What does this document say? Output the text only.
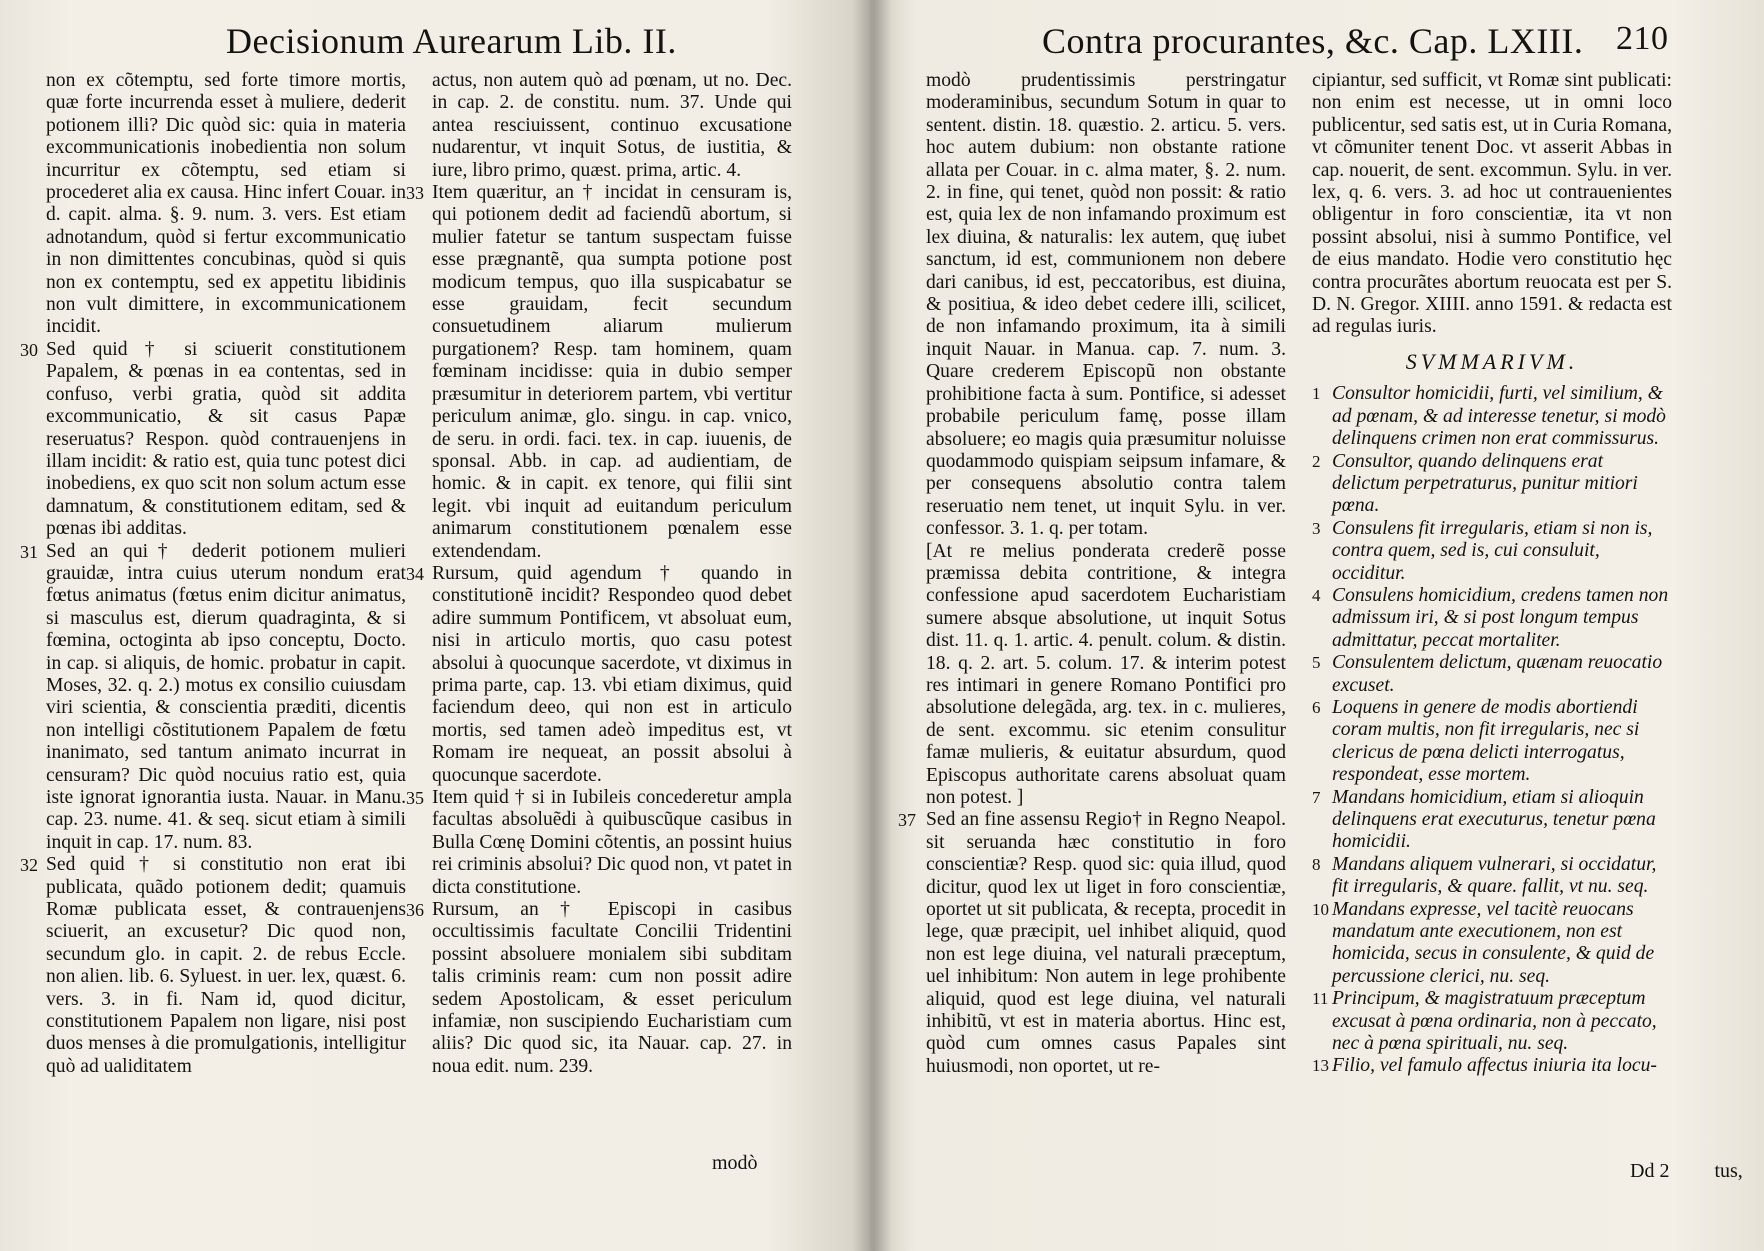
Decisionum Aurearum Lib. II.

non ex cõtemptu, sed forte timore mortis, quæ forte incurrenda esset à muliere, dederit potionem illi? Dic quòd sic: quia in materia excommunicationis inobedientia non solum incurritur ex cõtemptu, sed etiam si procederet alia ex causa. Hinc infert Couar. in d. capit. alma. §. 9. num. 3. vers. Est etiam adnotandum, quòd si fertur excommunicatio in non dimittentes concubinas, quòd si quis non ex contemptu, sed ex appetitu libidinis non vult dimittere, in excommunicationem incidit.

30 Sed quid † si sciuerit constitutionem Papalem, & pœnas in ea contentas, sed in confuso, verbi gratia, quòd sit addita excommunicatio, & sit casus Papæ reseruatus? Respon. quòd contrauenjens in illam incidit: & ratio est, quia tunc potest dici inobediens, ex quo scit non solum actum esse damnatum, & constitutionem editam, sed & pœnas ibi additas.

31 Sed an qui† dederit potionem mulieri grauidæ, intra cuius uterum nondum erat fœtus animatus (fœtus enim dicitur animatus, si masculus est, dierum quadraginta, & si fœmina, octoginta ab ipso conceptu, Docto. in cap. si aliquis, de homic. probatur in capit. Moses, 32. q. 2.) motus ex consilio cuiusdam viri scientia, & conscientia præditi, dicentis non intelligi cõstitutionem Papalem de fœtu inanimato, sed tantum animato incurrat in censuram? Dic quòd nocuius ratio est, quia iste ignorat ignorantia iusta. Nauar. in Manu. cap. 23. nume. 41. & seq. sicut etiam à simili inquit in cap. 17. num. 83.

32 Sed quid † si constitutio non erat ibi publicata, quãdo potionem dedit; quamuis Romæ publicata esset, & contrauenjens sciuerit, an excusetur? Dic quod non, secundum glo. in capit. 2. de rebus Eccle. non alien. lib. 6. Syluest. in uer. lex, quæst. 6. vers. 3. in fi. Nam id, quod dicitur, constitutionem Papalem non ligare, nisi post duos menses à die promulgationis, intelligitur quò ad ualiditatem

actus, non autem quò ad pœnam, ut no. Dec. in cap. 2. de constitu. num. 37. Unde qui antea resciuissent, continuo excusatione nudarentur, vt inquit Sotus, de iustitia, & iure, libro primo, quæst. prima, artic. 4.

33 Item quæritur, an † incidat in censuram is, qui potionem dedit ad faciendũ abortum, si mulier fatetur se tantum suspectam fuisse esse prægnantẽ, qua sumpta potione post modicum tempus, quo illa suspicabatur se esse grauidam, fecit secundum consuetudinem aliarum mulierum purgationem? Resp. tam hominem, quam fœminam incidisse: quia in dubio semper præsumitur in deteriorem partem, vbi vertitur periculum animæ, glo. singu. in cap. vnico, de seru. in ordi. faci. tex. in cap. iuuenis, de sponsal. Abb. in cap. ad audientiam, de homic. & in capit. ex tenore, qui filii sint legit. vbi inquit ad euitandum periculum animarum constitutionem pœnalem esse extendendam.

34 Rursum, quid agendum † quando in constitutionẽ incidit? Respondeo quod debet adire summum Pontificem, vt absoluat eum, nisi in articulo mortis, quo casu potest absolui à quocunque sacerdote, vt diximus in prima parte, cap. 13. vbi etiam diximus, quid faciendum deeo, qui non est in articulo mortis, sed tamen adeò impeditus est, vt Romam ire nequeat, an possit absolui à quocunque sacerdote.

35 Item quid † si in Iubileis concederetur ampla facultas absoluẽdi à quibuscũque casibus in Bulla Cœnę Domini cõtentis, an possint huius rei criminis absolui? Dic quod non, vt patet in dicta constitutione.

36 Rursum, an † Episcopi in casibus occultissimis facultate Concilii Tridentini possint absoluere monialem sibi subditam talis criminis ream: cum non possit adire sedem Apostolicam, & esset periculum infamiæ, non suscipiendo Eucharistiam cum aliis? Dic quod sic, ita Nauar. cap. 27. in noua edit. num. 239.

modò
Contra procurantes, &c. Cap. LXIII. 210

modò prudentissimis perstringatur moderaminibus, secundum Sotum in quar to sentent. distin. 18. quæstio. 2. articu. 5. vers. hoc autem dubium: non obstante ratione allata per Couar. in c. alma mater, §. 2. num. 2. in fine, qui tenet, quòd non possit: & ratio est, quia lex de non infamando proximum est lex diuina, & naturalis: lex autem, quę iubet sanctum, id est, communionem non debere dari canibus, id est, peccatoribus, est diuina, & positiua, & ideo debet cedere illi, scilicet, de non infamando proximum, ita à simili inquit Nauar. in Manua. cap. 7. num. 3. Quare crederem Episcopũ non obstante prohibitione facta à sum. Pontifice, si adesset probabile periculum famę, posse illam absoluere; eo magis quia præsumitur noluisse quodammodo quispiam seipsum infamare, & per consequens absolutio contra talem reseruatio nem tenet, ut inquit Sylu. in ver. confessor. 3. 1. q. per totam.

[At re melius ponderata crederẽ posse præmissa debita contritione, & integra confessione apud sacerdotem Eucharistiam sumere absque absolutione, ut inquit Sotus dist. 11. q. 1. artic. 4. penult. colum. & distin. 18. q. 2. art. 5. colum. 17. & interim potest res intimari in genere Romano Pontifici pro absolutione delegãda, arg. tex. in c. mulieres, de sent. excommu. sic etenim consulitur famæ mulieris, & euitatur absurdum, quod Episcopus authoritate carens absoluat quam non potest. ]

37 Sed an fine assensu Regio† in Regno Neapol. sit seruanda hæc constitutio in foro conscientiæ? Resp. quod sic: quia illud, quod dicitur, quod lex ut liget in foro conscientiæ, oportet ut sit publicata, & recepta, procedit in lege, quæ præcipit, uel inhibet aliquid, quod non est lege diuina, vel naturali præceptum, uel inhibitum: Non autem in lege prohibente aliquid, quod est lege diuina, vel naturali inhibitũ, vt est in materia abortus. Hinc est, quòd cum omnes casus Papales sint huiusmodi, non oportet, ut re-

cipiantur, sed sufficit, vt Romæ sint publicati: non enim est necesse, ut in omni loco publicentur, sed satis est, ut in Curia Romana, vt cõmuniter tenent Doc. vt asserit Abbas in cap. nouerit, de sent. excommun. Sylu. in ver. lex, q. 6. vers. 3. ad hoc ut contrauenientes obligentur in foro conscientiæ, ita vt non possint absolui, nisi à summo Pontifice, vel de eius mandato. Hodie vero constitutio hęc contra procurãtes abortum reuocata est per S. D. N. Gregor. XIIII. anno 1591. & redacta est ad regulas iuris.

SVMMARIVM.

1 Consultor homicidii, furti, vel similium, & ad pœnam, & ad interesse tenetur, si modò delinquens crimen non erat commissurus.

2 Consultor, quando delinquens erat delictum perpetraturus, punitur mitiori pœna.

3 Consulens fit irregularis, etiam si non is, contra quem, sed is, cui consuluit, occiditur.

4 Consulens homicidium, credens tamen non admissum iri, & si post longum tempus admittatur, peccat mortaliter.

5 Consulentem delictum, quænam reuocatio excuset.

6 Loquens in genere de modis abortiendi coram multis, non fit irregularis, nec si clericus de pœna delicti interrogatus, respondeat, esse mortem.

7 Mandans homicidium, etiam si alioquin delinquens erat executurus, tenetur pœna homicidii.

8 Mandans aliquem vulnerari, si occidatur, fit irregularis, & quare. fallit, vt nu. seq.

10 Mandans expresse, vel tacitè reuocans mandatum ante executionem, non est homicida, secus in consulente, & quid de percussione clerici, nu. seq.

11 Principum, & magistratuum præceptum excusat à pœna ordinaria, non à peccato, nec à pœna spirituali, nu. seq.

13 Filio, vel famulo affectus iniuria ita locu-

Dd 2 tus,
